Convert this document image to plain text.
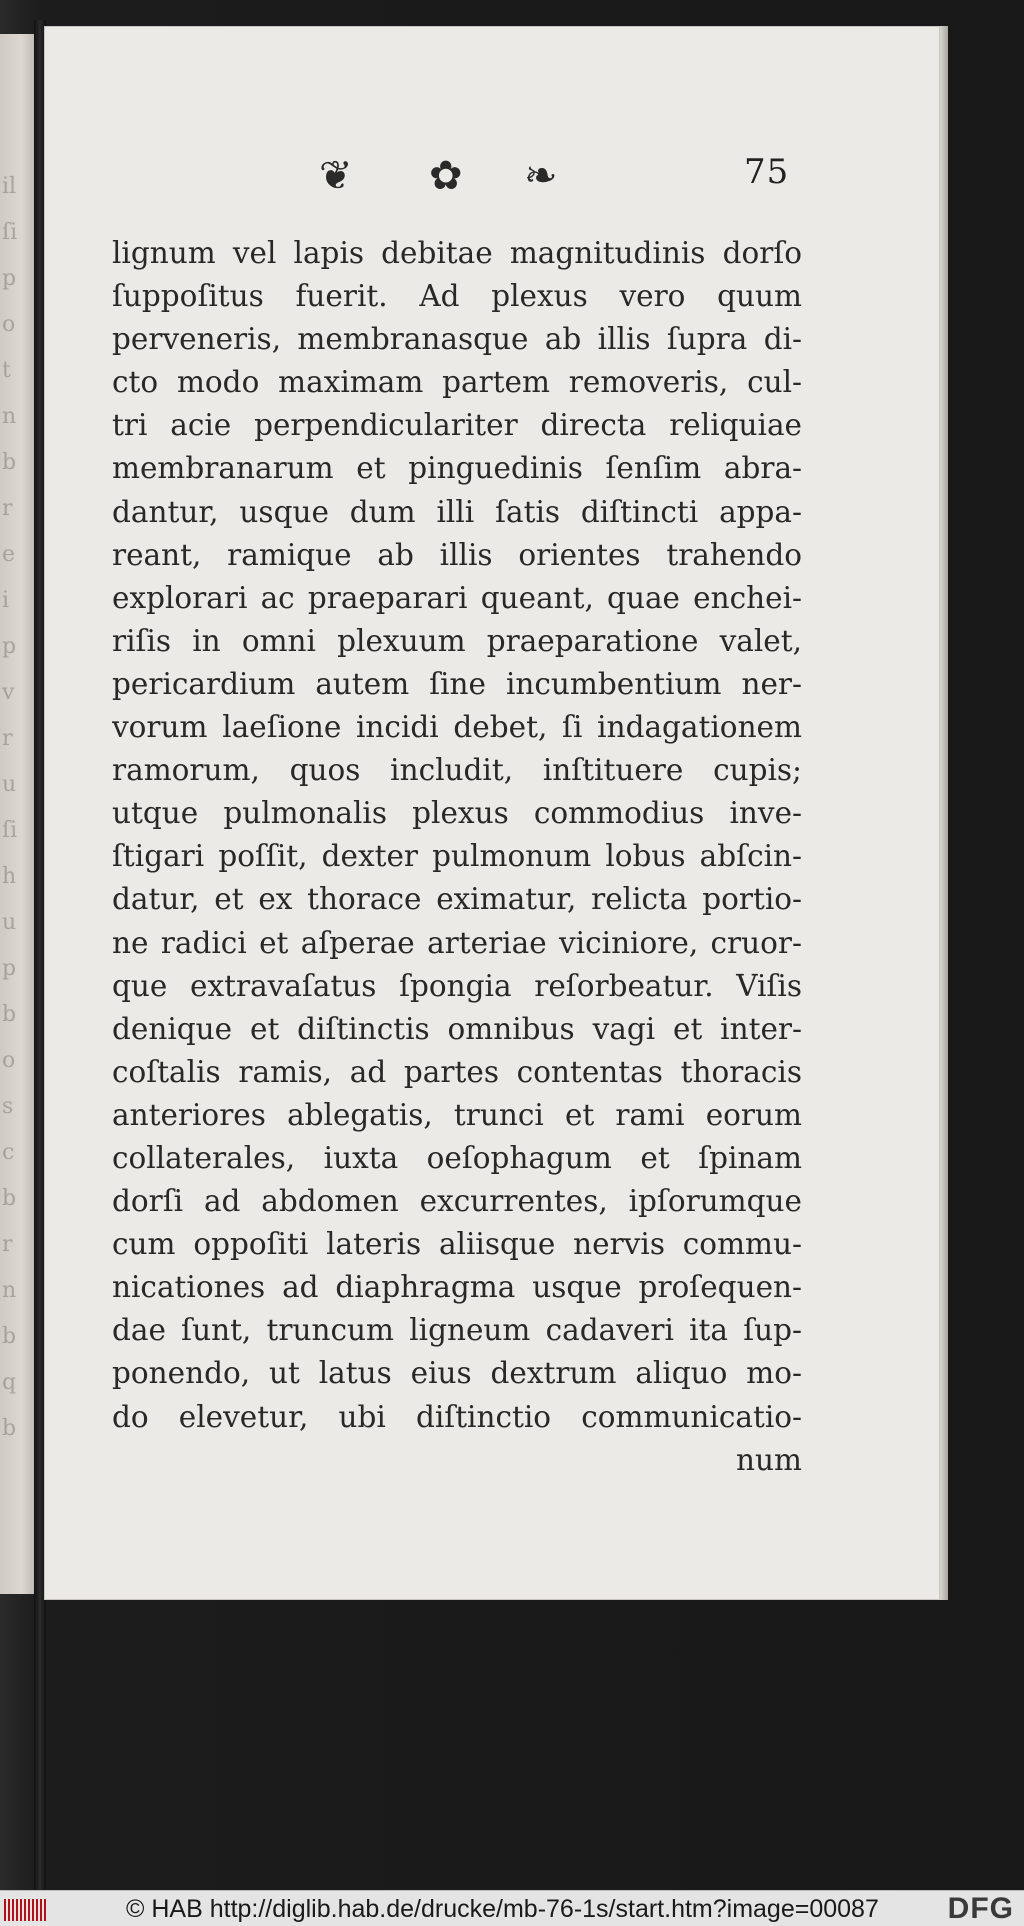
il
ſi
p
o
t
n
b
r
e
i
p
v
r
u
ſi
h
u
p
b
o
s
c
b
r
n
b
q
b
❦ ✿ ❧	75
lignum vel lapis debitae magnitudinis dorſo
ſuppoſitus fuerit. Ad plexus vero quum
perveneris, membranasque ab illis ſupra di-
cto modo maximam partem removeris, cul-
tri acie perpendiculariter directa reliquiae
membranarum et pinguedinis ſenſim abra-
dantur, usque dum illi ſatis diſtincti appa-
reant, ramique ab illis orientes trahendo
explorari ac praeparari queant, quae enchei-
riſis in omni plexuum praeparatione valet,
pericardium autem ſine incumbentium ner-
vorum laeſione incidi debet, ſi indagationem
ramorum, quos includit, inſtituere cupis;
utque pulmonalis plexus commodius inve-
ſtigari poſſit, dexter pulmonum lobus abſcin-
datur, et ex thorace eximatur, relicta portio-
ne radici et aſperae arteriae viciniore, cruor-
que extravaſatus ſpongia reſorbeatur. Viſis
denique et diſtinctis omnibus vagi et inter-
coſtalis ramis, ad partes contentas thoracis
anteriores ablegatis, trunci et rami eorum
collaterales, iuxta oeſophagum et ſpinam
dorſi ad abdomen excurrentes, ipſorumque
cum oppoſiti lateris aliisque nervis commu-
nicationes ad diaphragma usque proſequen-
dae ſunt, truncum ligneum cadaveri ita ſup-
ponendo, ut latus eius dextrum aliquo mo-
do elevetur, ubi diſtinctio communicatio-
num
© HAB http://diglib.hab.de/drucke/mb-76-1s/start.htm?image=00087 DFG
